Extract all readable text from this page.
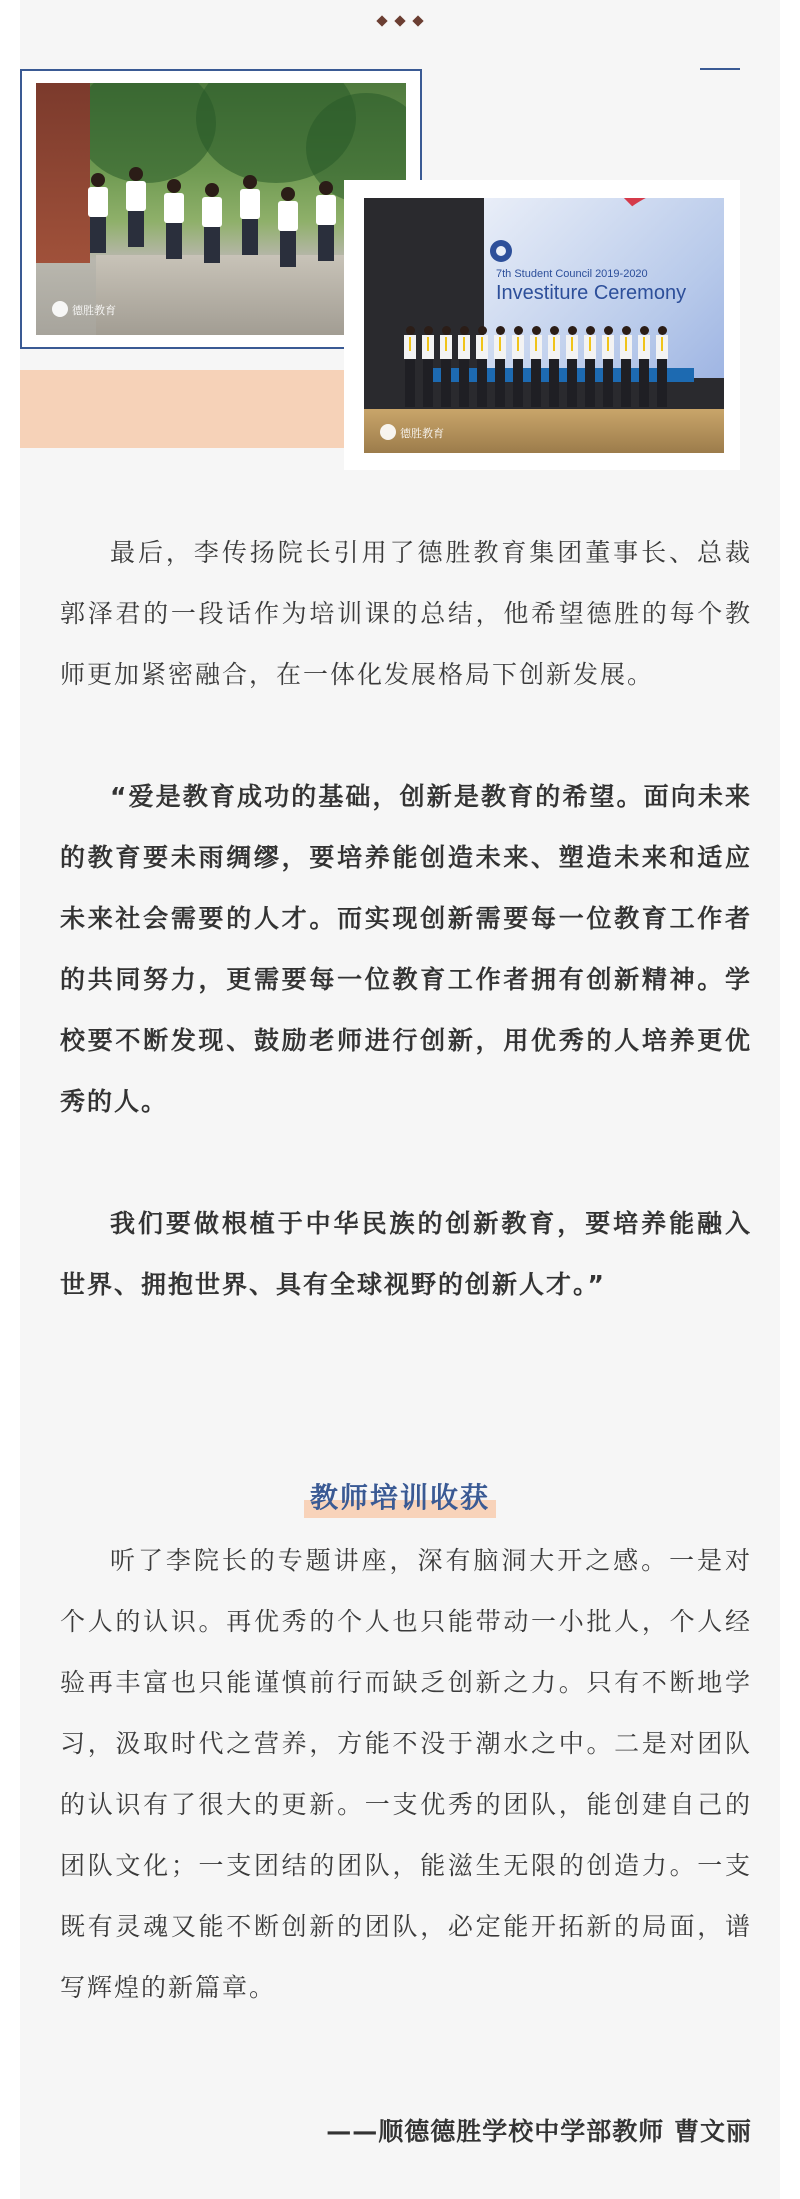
德胜教育
7th Student Council 2019-2020
Investiture Ceremony
德胜教育

最后，李传扬院长引用了德胜教育集团董事长、总裁郭泽君的一段话作为培训课的总结，他希望德胜的每个教师更加紧密融合，在一体化发展格局下创新发展。

“爱是教育成功的基础，创新是教育的希望。面向未来的教育要未雨绸缪，要培养能创造未来、塑造未来和适应未来社会需要的人才。而实现创新需要每一位教育工作者的共同努力，更需要每一位教育工作者拥有创新精神。学校要不断发现、鼓励老师进行创新，用优秀的人培养更优秀的人。

我们要做根植于中华民族的创新教育，要培养能融入世界、拥抱世界、具有全球视野的创新人才。”

教师培训收获

听了李院长的专题讲座，深有脑洞大开之感。一是对个人的认识。再优秀的个人也只能带动一小批人，个人经验再丰富也只能谨慎前行而缺乏创新之力。只有不断地学习，汲取时代之营养，方能不没于潮水之中。二是对团队的认识有了很大的更新。一支优秀的团队，能创建自己的团队文化；一支团结的团队，能滋生无限的创造力。一支既有灵魂又能不断创新的团队，必定能开拓新的局面，谱写辉煌的新篇章。

——顺德德胜学校中学部教师 曹文丽
